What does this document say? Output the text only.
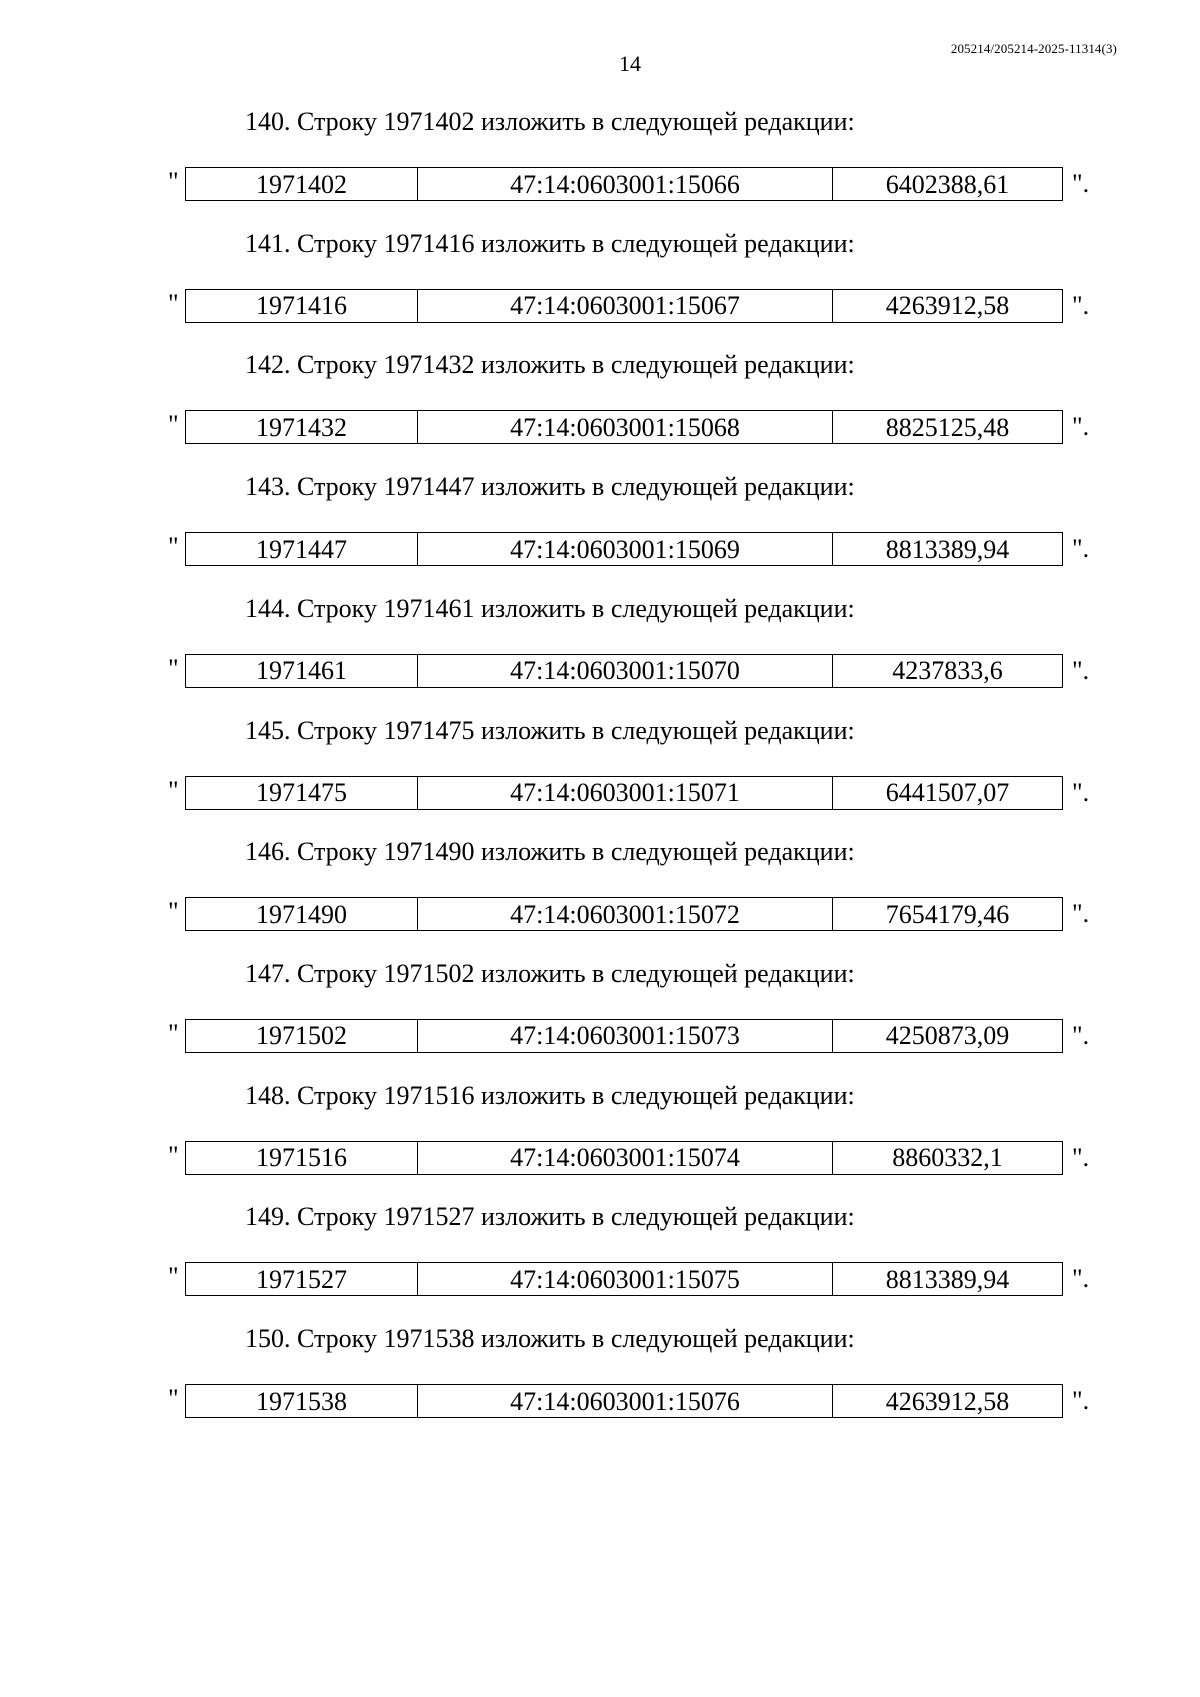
14
205214/205214-2025-11314(3)
140. Строку 1971402 изложить в следующей редакции:
"	1971402	47:14:0603001:15066	6402388,61 ".
141. Строку 1971416 изложить в следующей редакции:
"	1971416	47:14:0603001:15067	4263912,58 ".
142. Строку 1971432 изложить в следующей редакции:
"	1971432	47:14:0603001:15068	8825125,48 ".
143. Строку 1971447 изложить в следующей редакции:
"	1971447	47:14:0603001:15069	8813389,94 ".
144. Строку 1971461 изложить в следующей редакции:
"	1971461	47:14:0603001:15070	4237833,6	".
145. Строку 1971475 изложить в следующей редакции:
"	1971475	47:14:0603001:15071	6441507,07 ".
146. Строку 1971490 изложить в следующей редакции:
"	1971490	47:14:0603001:15072	7654179,46 ".
147. Строку 1971502 изложить в следующей редакции:
"	1971502	47:14:0603001:15073	4250873,09 ".
148. Строку 1971516 изложить в следующей редакции:
"	1971516	47:14:0603001:15074	8860332,1	".
149. Строку 1971527 изложить в следующей редакции:
"	1971527	47:14:0603001:15075	8813389,94 ".
150. Строку 1971538 изложить в следующей редакции:
"	1971538	47:14:0603001:15076	4263912,58 ".
